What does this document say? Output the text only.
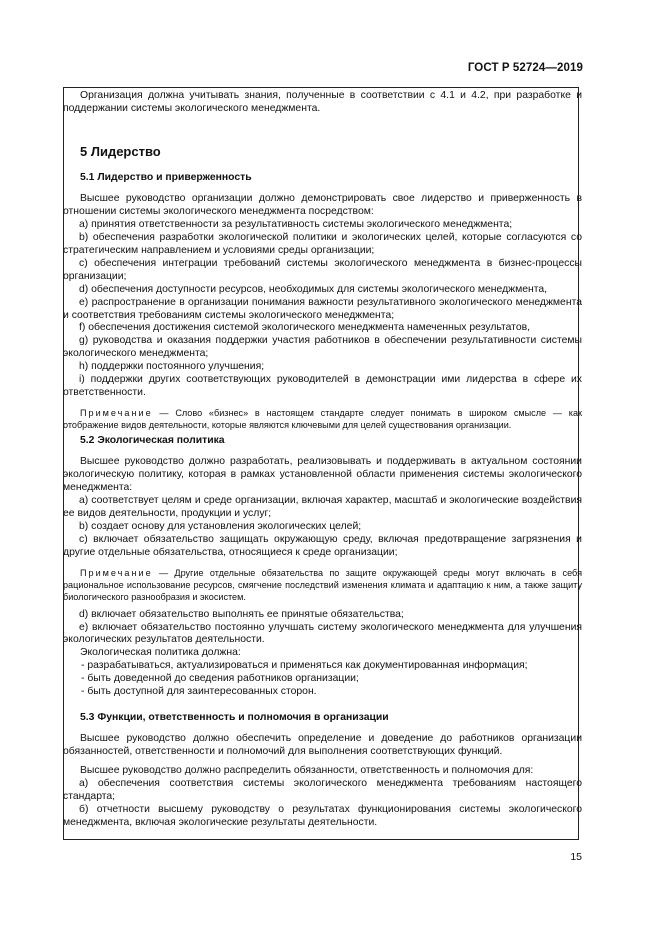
ГОСТ Р 52724—2019

Организация должна учитывать знания, полученные в соответствии с 4.1 и 4.2, при разработке и поддержании системы экологического менеджмента.

5 Лидерство
5.1 Лидерство и приверженность

Высшее руководство организации должно демонстрировать свое лидерство и приверженность в отношении системы экологического менеджмента посредством:

a) принятия ответственности за результативность системы экологического менеджмента;

b) обеспечения разработки экологической политики и экологических целей, которые согласуются со стратегическим направлением и условиями среды организации;

c) обеспечения интеграции требований системы экологического менеджмента в бизнес-процессы организации;

d) обеспечения доступности ресурсов, необходимых для системы экологического менеджмента,

e) распространение в организации понимания важности результативного экологического менеджмента и соответствия требованиям системы экологического менеджмента;

f) обеспечения достижения системой экологического менеджмента намеченных результатов,

g) руководства и оказания поддержки участия работников в обеспечении результативности системы экологического менеджмента;

h) поддержки постоянного улучшения;

i) поддержки других соответствующих руководителей в демонстрации ими лидерства в сфере их ответственности.

Примечание — Слово «бизнес» в настоящем стандарте следует понимать в широком смысле — как отображение видов деятельности, которые являются ключевыми для целей существования организации.

5.2 Экологическая политика

Высшее руководство должно разработать, реализовывать и поддерживать в актуальном состоянии экологическую политику, которая в рамках установленной области применения системы экологического менеджмента:

a) соответствует целям и среде организации, включая характер, масштаб и экологические воздействия ее видов деятельности, продукции и услуг;

b) создает основу для установления экологических целей;

c) включает обязательство защищать окружающую среду, включая предотвращение загрязнения и другие отдельные обязательства, относящиеся к среде организации;

Примечание — Другие отдельные обязательства по защите окружающей среды могут включать в себя рациональное использование ресурсов, смягчение последствий изменения климата и адаптацию к ним, а также защиту биологического разнообразия и экосистем.

d) включает обязательство выполнять ее принятые обязательства;

e) включает обязательство постоянно улучшать систему экологического менеджмента для улучшения экологических результатов деятельности.

Экологическая политика должна:

- разрабатываться, актуализироваться и применяться как документированная информация;

- быть доведенной до сведения работников организации;

- быть доступной для заинтересованных сторон.

5.3 Функции, ответственность и полномочия в организации

Высшее руководство должно обеспечить определение и доведение до работников организации обязанностей, ответственности и полномочий для выполнения соответствующих функций.

Высшее руководство должно распределить обязанности, ответственность и полномочия для:

а) обеспечения соответствия системы экологического менеджмента требованиям настоящего стандарта;

б) отчетности высшему руководству о результатах функционирования системы экологического менеджмента, включая экологические результаты деятельности.

15
